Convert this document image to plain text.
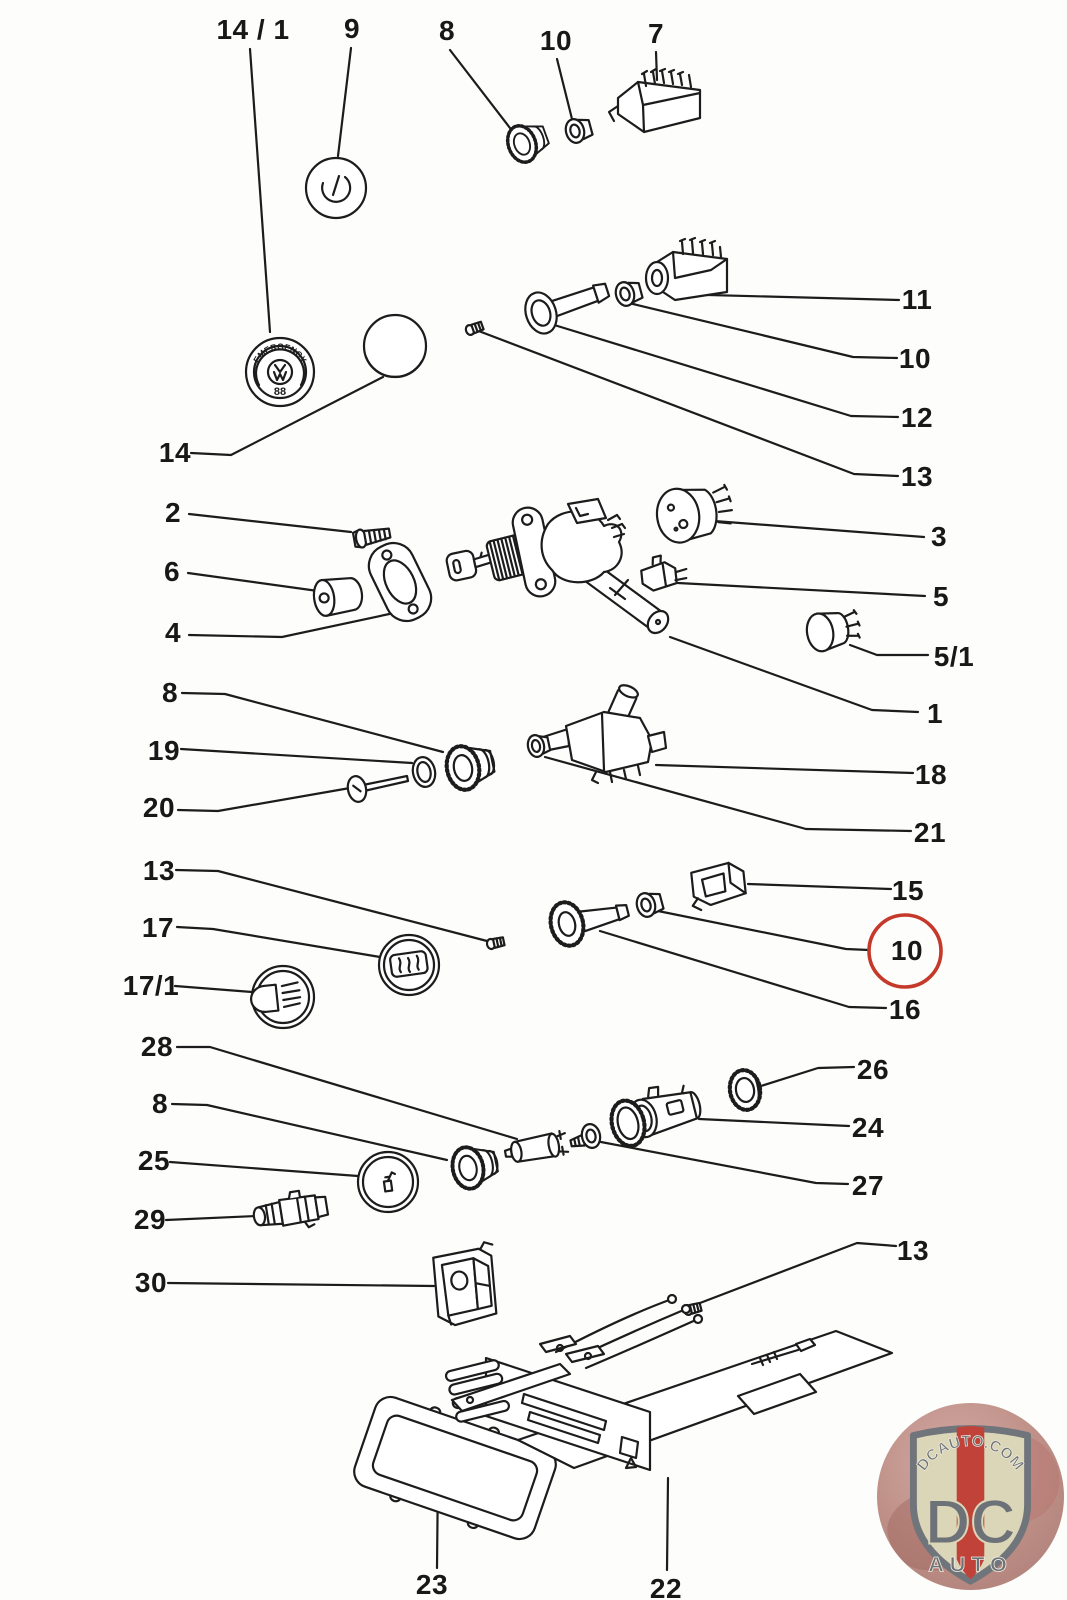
EMERGENCY
88
14 / 1 9	8	10	7
11
10
12
13
3
5
5/1
1
18
21
15
10
16
26
24
27
13
14
2
6
4
8
19
20
13
17
17/1
28
8
25
29
30
23	22
DCAUTO.COM
DC
AUTO
